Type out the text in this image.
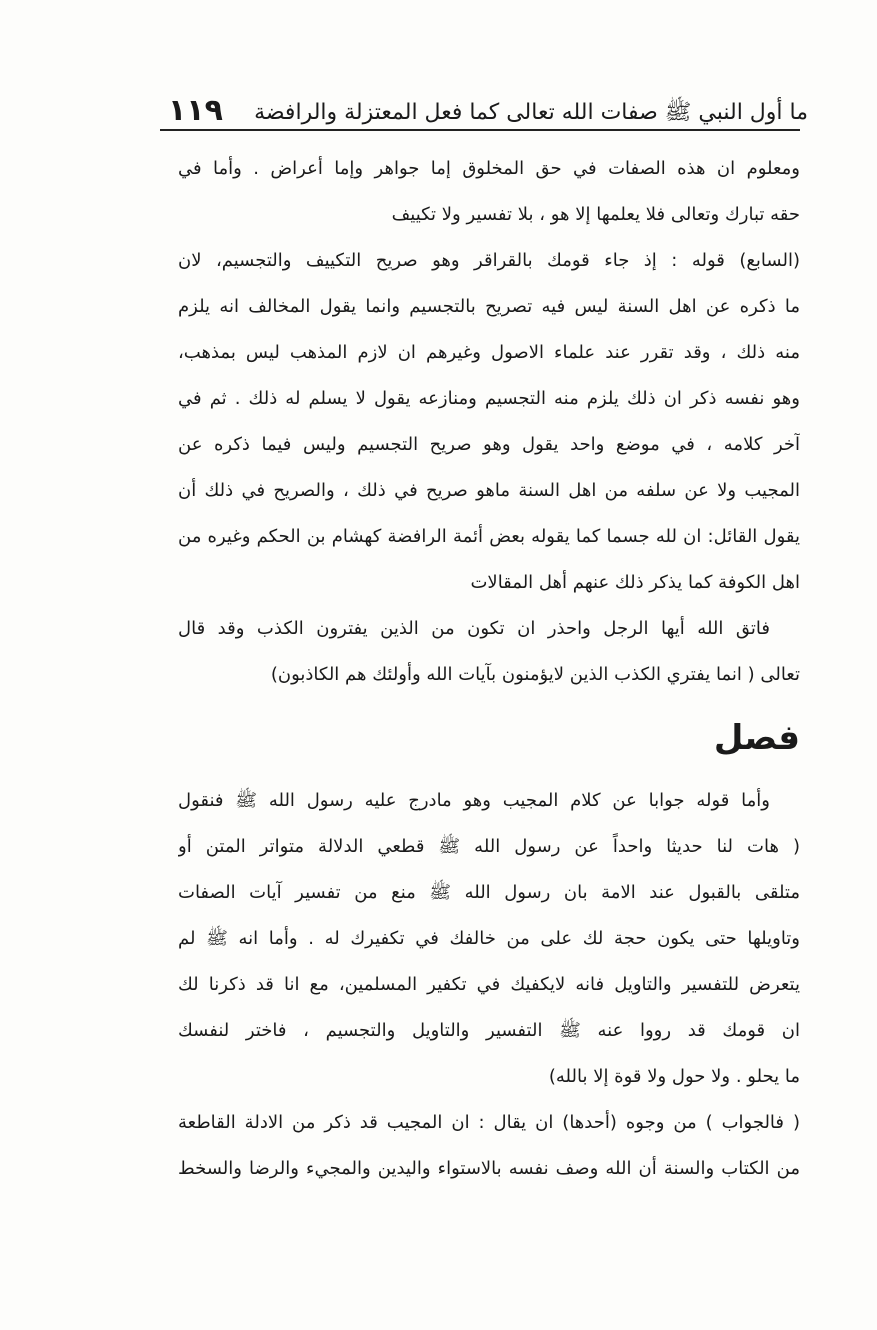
ما أول النبي ﷺ صفات الله تعالى كما فعل المعتزلة والرافضة
١١٩
ومعلوم ان هذه الصفات في حق المخلوق إما جواهر وإما أعراض . وأما في
حقه تبارك وتعالى فلا يعلمها إلا هو ، بلا تفسير ولا تكييف
(السابع) قوله : إذ جاء قومك بالقراقر وهو صريح التكييف والتجسيم، لان
ما ذكره عن اهل السنة ليس فيه تصريح بالتجسيم وانما يقول المخالف انه يلزم
منه ذلك ، وقد تقرر عند علماء الاصول وغيرهم ان لازم المذهب ليس بمذهب،
وهو نفسه ذكر ان ذلك يلزم منه التجسيم ومنازعه يقول لا يسلم له ذلك . ثم في
آخر كلامه ، في موضع واحد يقول وهو صريح التجسيم وليس فيما ذكره عن
المجيب ولا عن سلفه من اهل السنة ماهو صريح في ذلك ، والصريح في ذلك أن
يقول القائل: ان لله جسما كما يقوله بعض أئمة الرافضة كهشام بن الحكم وغيره من
اهل الكوفة كما يذكر ذلك عنهم أهل المقالات
فاتق الله أيها الرجل واحذر ان تكون من الذين يفترون الكذب وقد قال
تعالى ( انما يفتري الكذب الذين لايؤمنون بآيات الله وأولئك هم الكاذبون)
فصل
وأما قوله جوابا عن كلام المجيب وهو مادرج عليه رسول الله ﷺ فنقول
( هات لنا حديثا واحداً عن رسول الله ﷺ قطعي الدلالة متواتر المتن أو
متلقى بالقبول عند الامة بان رسول الله ﷺ منع من تفسير آيات الصفات
وتاويلها حتى يكون حجة لك على من خالفك في تكفيرك له . وأما انه ﷺ لم
يتعرض للتفسير والتاويل فانه لايكفيك في تكفير المسلمين، مع انا قد ذكرنا لك
ان قومك قد رووا عنه ﷺ التفسير والتاويل والتجسيم ، فاختر لنفسك
ما يحلو . ولا حول ولا قوة إلا بالله)
( فالجواب ) من وجوه (أحدها) ان يقال : ان المجيب قد ذكر من الادلة القاطعة
من الكتاب والسنة أن الله وصف نفسه بالاستواء واليدين والمجيء والرضا والسخط
